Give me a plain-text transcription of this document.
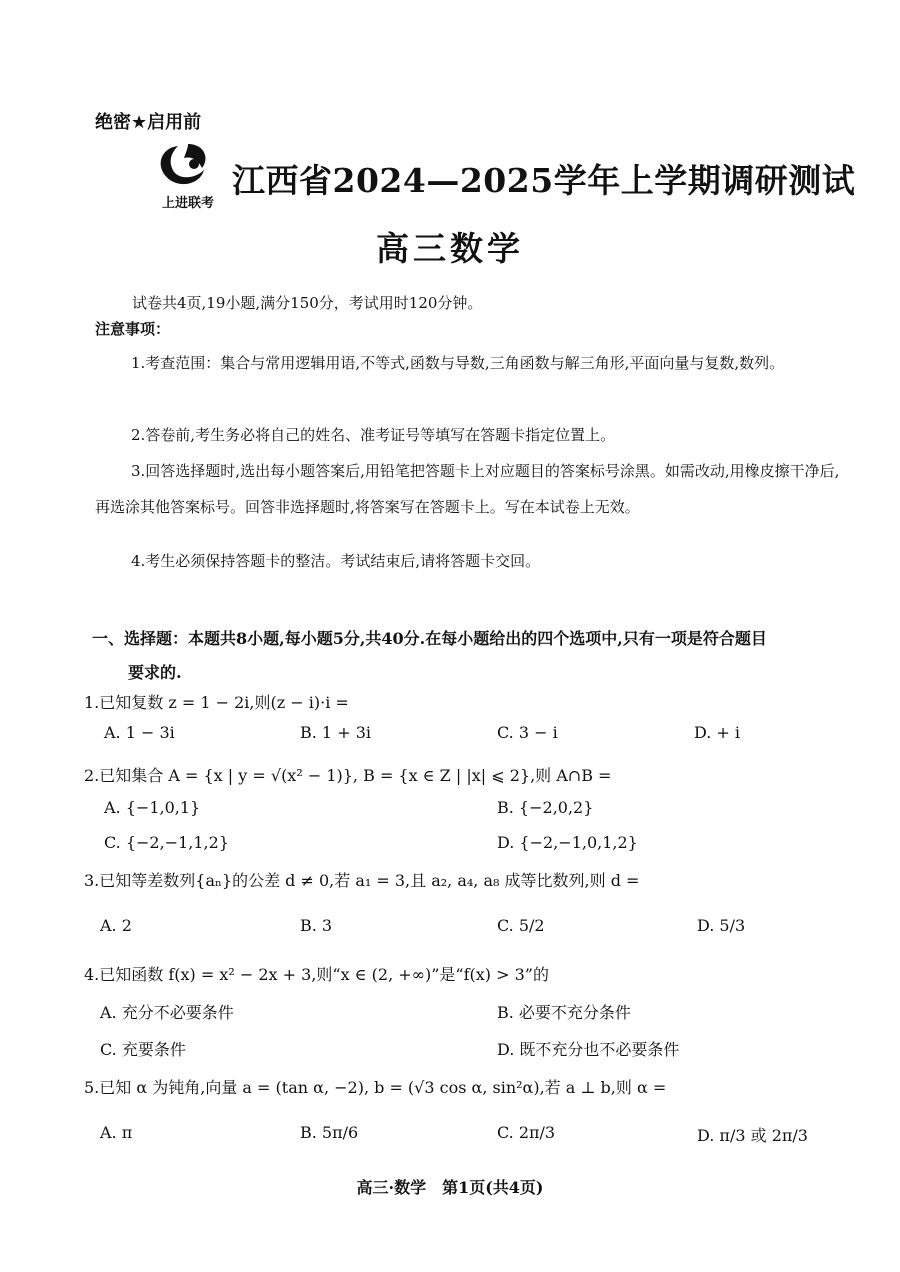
绝密★启用前
上进联考
江西省2024—2025学年上学期调研测试
高三数学
试卷共4页,19小题,满分150分，考试用时120分钟。
注意事项：
1.考查范围：集合与常用逻辑用语,不等式,函数与导数,三角函数与解三角形,平面向量与复数,数列。
2.答卷前,考生务必将自己的姓名、准考证号等填写在答题卡指定位置上。
3.回答选择题时,选出每小题答案后,用铅笔把答题卡上对应题目的答案标号涂黑。如需改动,用橡皮擦干净后,再选涂其他答案标号。回答非选择题时,将答案写在答题卡上。写在本试卷上无效。
4.考生必须保持答题卡的整洁。考试结束后,请将答题卡交回。
一、选择题：本题共8小题,每小题5分,共40分.在每小题给出的四个选项中,只有一项是符合题目
要求的.
1.已知复数 z = 1 − 2i,则(z − i)·i =
A. 1 − 3i	B. 1 + 3i	C. 3 − i	D. + i
2.已知集合 A = {x | y = √(x² − 1)}, B = {x ∈ Z | |x| ⩽ 2},则 A∩B =
A. {−1,0,1}	B. {−2,0,2}
C. {−2,−1,1,2}	D. {−2,−1,0,1,2}
3.已知等差数列{aₙ}的公差 d ≠ 0,若 a₁ = 3,且 a₂, a₄, a₈ 成等比数列,则 d =
A. 2	B. 3	C. 5/2	D. 5/3
4.已知函数 f(x) = x² − 2x + 3,则“x ∈ (2, +∞)”是“f(x) > 3”的
A. 充分不必要条件	B. 必要不充分条件
C. 充要条件	D. 既不充分也不必要条件
5.已知 α 为钝角,向量 a = (tan α, −2), b = (√3 cos α, sin²α),若 a ⊥ b,则 α =
A. π	B. 5π/6	C. 2π/3	D. π/3 或 2π/3
高三·数学　第1页(共4页)
